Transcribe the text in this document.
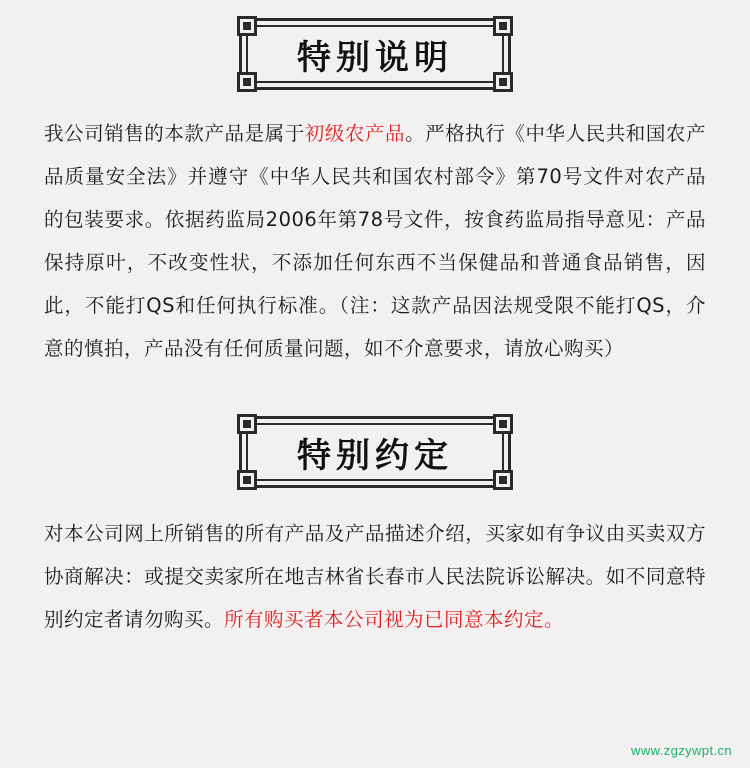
特别说明
我公司销售的本款产品是属于初级农产品。严格执行《中华人民共和国农产品质量安全法》并遵守《中华人民共和国农村部令》第70号文件对农产品的包装要求。依据药监局2006年第78号文件，按食药监局指导意见：产品保持原叶，不改变性状，不添加任何东西不当保健品和普通食品销售，因此，不能打QS和任何执行标准。（注：这款产品因法规受限不能打QS，介意的慎拍，产品没有任何质量问题，如不介意要求，请放心购买）
特别约定
对本公司网上所销售的所有产品及产品描述介绍，买家如有争议由买卖双方协商解决：或提交卖家所在地吉林省长春市人民法院诉讼解决。如不同意特别约定者请勿购买。所有购买者本公司视为已同意本约定。
www.zgzywpt.cn
